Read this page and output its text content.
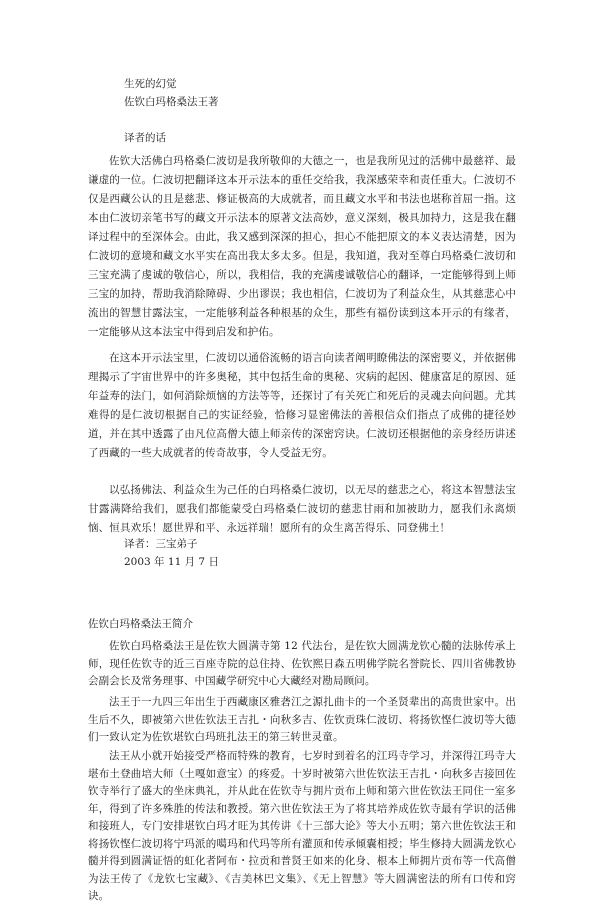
生死的幻觉

佐钦白玛格桑法王著

译者的话

佐钦大活佛白玛格桑仁波切是我所敬仰的大德之一，也是我所见过的活佛中最慈祥、最谦虚的一位。仁波切把翻译这本开示法本的重任交给我，我深感荣幸和责任重大。仁波切不仅是西藏公认的且是慈悲、修证极高的大成就者，而且藏文水平和书法也堪称首屈一指。这本由仁波切亲笔书写的藏文开示法本的原著文法高妙，意义深刻，极具加持力，这是我在翻译过程中的至深体会。由此，我又感到深深的担心，担心不能把原文的本义表达清楚，因为仁波切的意境和藏文水平实在高出我太多太多。但是，我知道，我对至尊白玛格桑仁波切和三宝充满了虔诚的敬信心，所以，我相信，我的充满虔诚敬信心的翻译，一定能够得到上师三宝的加持，帮助我消除障碍、少出谬误；我也相信，仁波切为了利益众生，从其慈悲心中流出的智慧甘露法宝，一定能够利益各种根基的众生，那些有福份读到这本开示的有缘者，一定能够从这本法宝中得到启发和护佑。

在这本开示法宝里，仁波切以通俗流畅的语言向读者阐明瞭佛法的深密要义，并依据佛理揭示了宇宙世界中的许多奥秘，其中包括生命的奥秘、灾病的起因、健康富足的原因、延年益寿的法门，如何消除烦恼的方法等等，还探讨了有关死亡和死后的灵魂去向问题。尤其难得的是仁波切根据自己的实证经验，恰修习显密佛法的善根信众们指点了成佛的捷径妙道，并在其中透露了由凡位高僧大德上师亲传的深密窍诀。仁波切还根据他的亲身经历讲述了西藏的一些大成就者的传奇故事，令人受益无穷。

以弘扬佛法、利益众生为己任的白玛格桑仁波切，以无尽的慈悲之心，将这本智慧法宝甘露满降给我们，愿我们都能蒙受白玛格桑仁波切的慈悲甘雨和加被助力，愿我们永离烦恼、恒具欢乐！愿世界和平、永远祥瑞！愿所有的众生离苦得乐、同登佛土！

译者：三宝弟子

2003 年 11 月 7 日

佐钦白玛格桑法王简介

佐钦白玛格桑法王是佐钦大圆满寺第 12 代法台，是佐钦大圆满龙钦心髓的法脉传承上师，现任佐钦寺的近三百座寺院的总住持、佐钦熙日森五明佛学院名誉院长、四川省佛教协会副会长及常务理事、中国藏学研究中心大藏经对勘局顾问。

法王于一九四三年出生于西藏康区雅砻江之源扎曲卡的一个圣贤辈出的高贵世家中。出生后不久，即被第六世佐钦法王吉扎・向秋多吉、佐钦贡珠仁波切、将扬钦悭仁波切等大德们一致认定为佐钦堪钦白玛班扎法王的第三转世灵童。

法王从小就开始接受严格而特殊的教育，七岁时到着名的江玛寺学习，并深得江玛寺大堪布土登曲培大师（土嘎如意宝）的疼爱。十岁时被第六世佐钦法王吉扎・向秋多吉接回佐钦寺举行了盛大的坐床典礼，并从此在佐钦寺与拥片贡布上师和第六世佐钦法王同住一室多年，得到了许多殊胜的传法和教授。第六世佐钦法王为了将其培养成佐钦寺最有学识的活佛和接班人，专门安排堪钦白玛才旺为其传讲《十三部大论》等大小五明；第六世佐钦法王和将扬钦悭仁波切将宁玛派的噶玛和代玛等所有灌顶和传承倾囊相授；毕生修持大圆满龙钦心髓并得到圆满证悟的虹化者阿布・拉贡和普贤王如来的化身、根本上师拥片贡布等一代高僧为法王传了《龙钦七宝藏》、《吉美林巴文集》、《无上智慧》等大圆满密法的所有口传和窍诀。
